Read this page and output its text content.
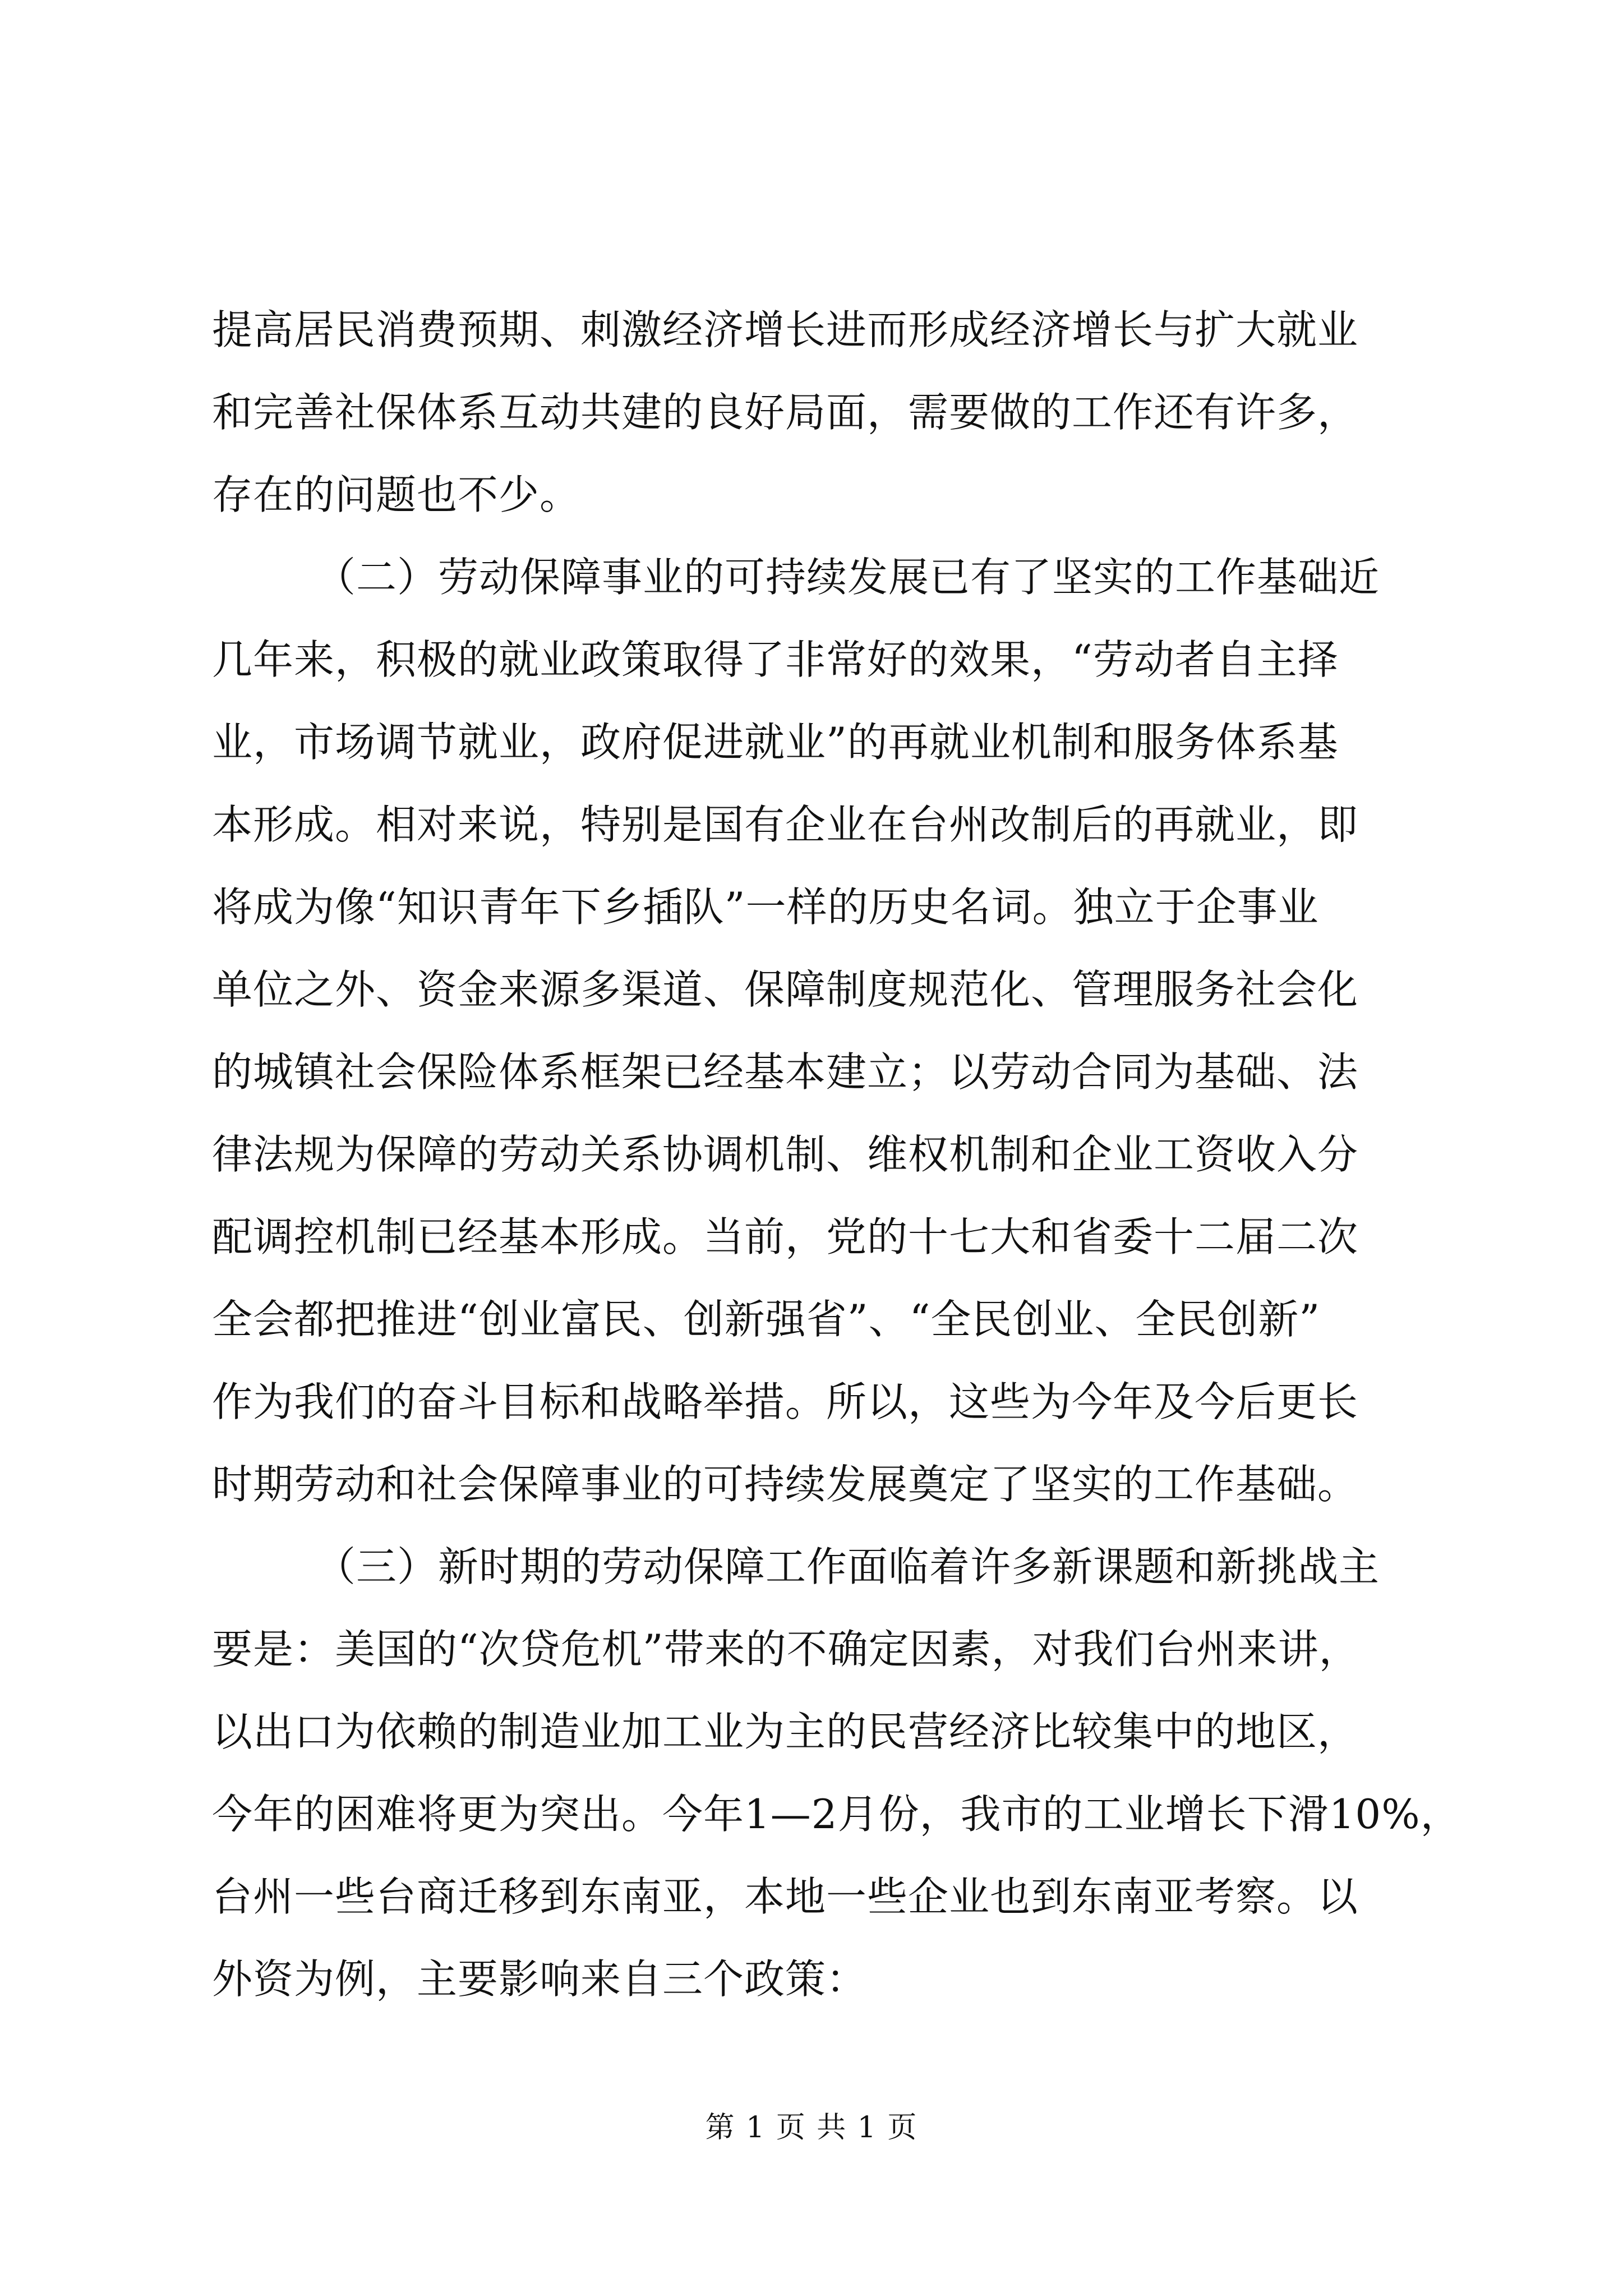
提高居民消费预期、刺激经济增长进而形成经济增长与扩大就业
和完善社保体系互动共建的良好局面，需要做的工作还有许多，
存在的问题也不少。
（二）劳动保障事业的可持续发展已有了坚实的工作基础近
几年来，积极的就业政策取得了非常好的效果，“劳动者自主择
业，市场调节就业，政府促进就业”的再就业机制和服务体系基
本形成。相对来说，特别是国有企业在台州改制后的再就业，即
将成为像“知识青年下乡插队”一样的历史名词。独立于企事业
单位之外、资金来源多渠道、保障制度规范化、管理服务社会化
的城镇社会保险体系框架已经基本建立；以劳动合同为基础、法
律法规为保障的劳动关系协调机制、维权机制和企业工资收入分
配调控机制已经基本形成。当前，党的十七大和省委十二届二次
全会都把推进“创业富民、创新强省”、“全民创业、全民创新”
作为我们的奋斗目标和战略举措。所以，这些为今年及今后更长
时期劳动和社会保障事业的可持续发展奠定了坚实的工作基础。
（三）新时期的劳动保障工作面临着许多新课题和新挑战主
要是：美国的“次贷危机”带来的不确定因素，对我们台州来讲，
以出口为依赖的制造业加工业为主的民营经济比较集中的地区，
今年的困难将更为突出。今年1—2月份，我市的工业增长下滑10%，
台州一些台商迁移到东南亚，本地一些企业也到东南亚考察。以
外资为例，主要影响来自三个政策：
第 1 页 共 1 页
